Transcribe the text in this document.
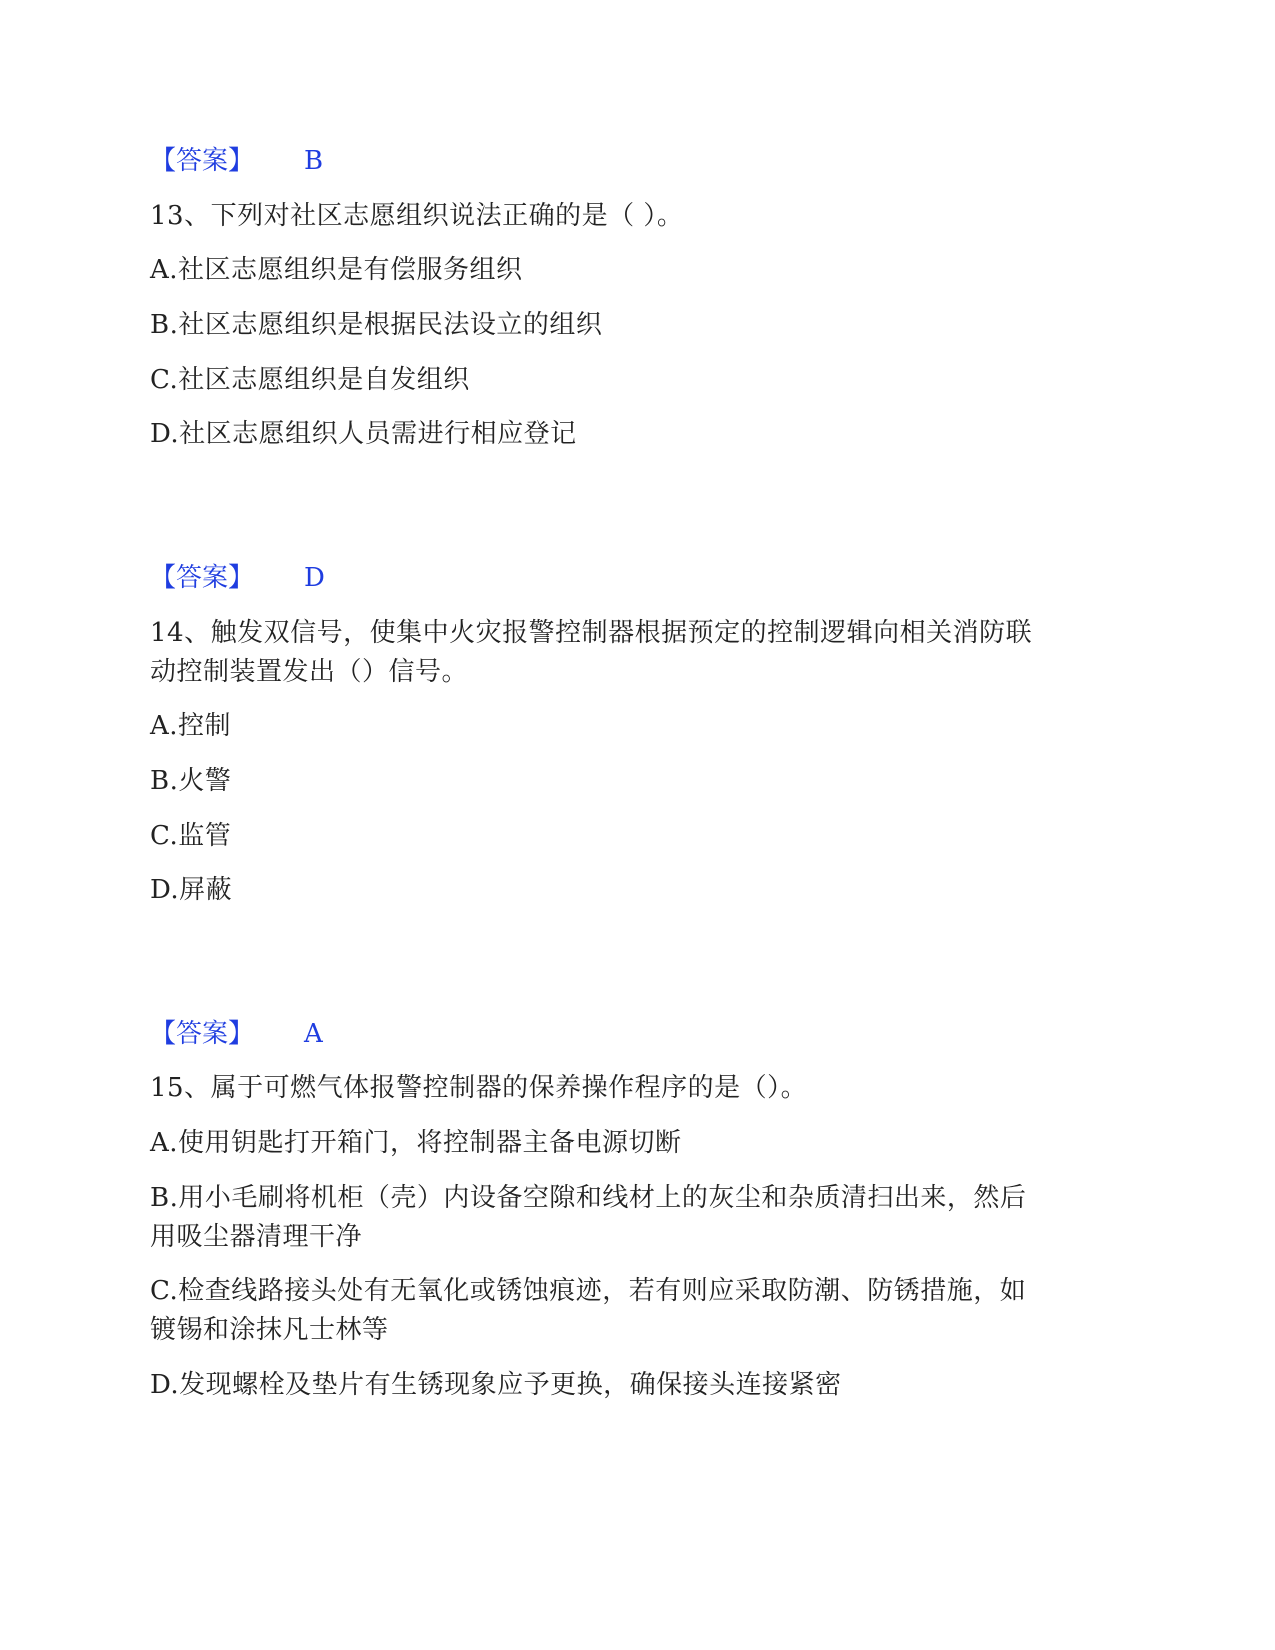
【答案】 B

13、下列对社区志愿组织说法正确的是（ ）。

A.社区志愿组织是有偿服务组织

B.社区志愿组织是根据民法设立的组织

C.社区志愿组织是自发组织

D.社区志愿组织人员需进行相应登记

【答案】 D

14、触发双信号，使集中火灾报警控制器根据预定的控制逻辑向相关消防联

动控制装置发出（）信号。

A.控制

B.火警

C.监管

D.屏蔽

【答案】 A

15、属于可燃气体报警控制器的保养操作程序的是（）。

A.使用钥匙打开箱门，将控制器主备电源切断

B.用小毛刷将机柜（壳）内设备空隙和线材上的灰尘和杂质清扫出来，然后

用吸尘器清理干净

C.检查线路接头处有无氧化或锈蚀痕迹，若有则应采取防潮、防锈措施，如

镀锡和涂抹凡士林等

D.发现螺栓及垫片有生锈现象应予更换，确保接头连接紧密
